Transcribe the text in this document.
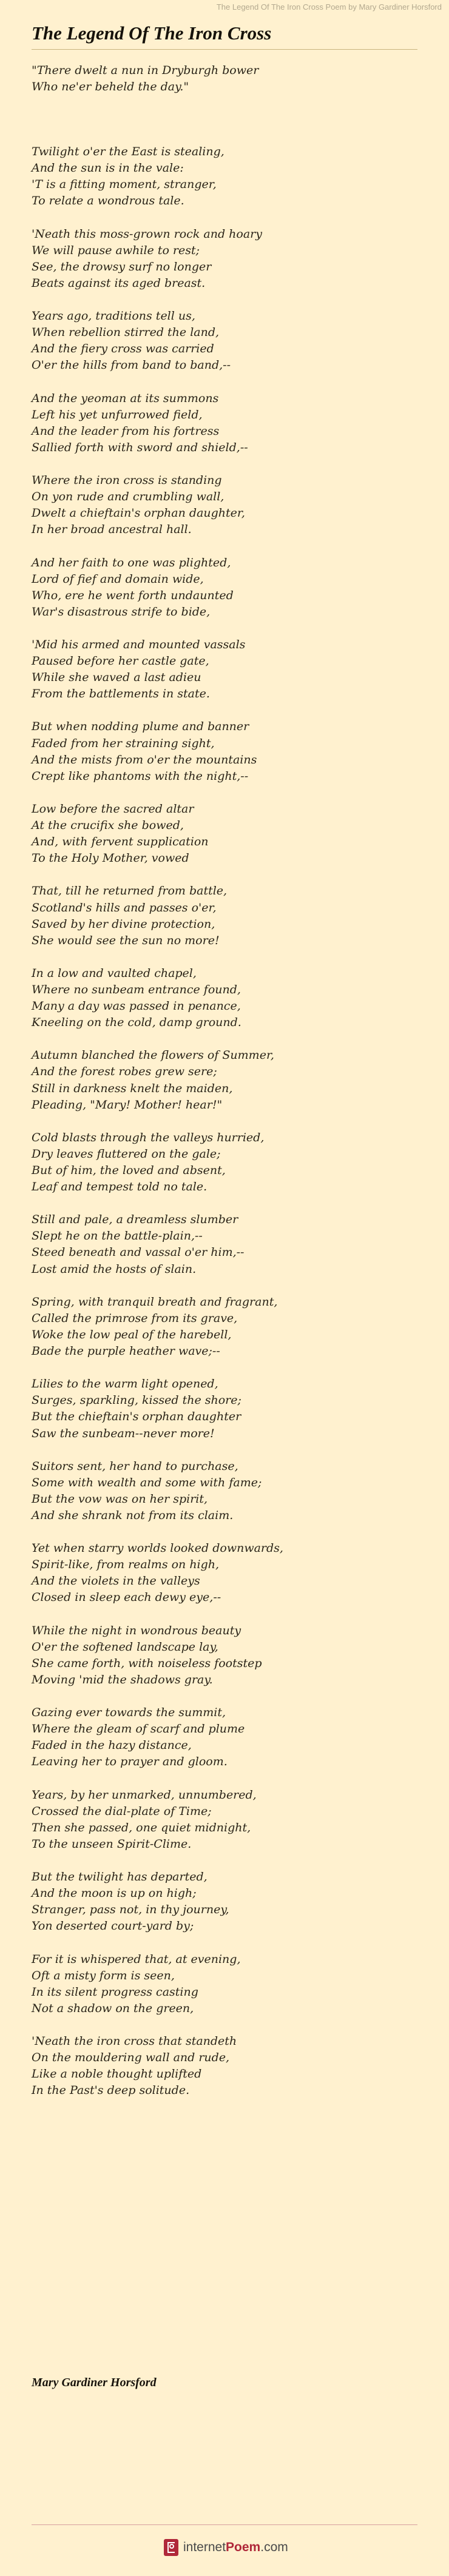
The Legend Of The Iron Cross Poem by Mary Gardiner Horsford
The Legend Of The Iron Cross

"There dwelt a nun in Dryburgh bower
Who ne'er beheld the day."

Twilight o'er the East is stealing,
And the sun is in the vale:
'T is a fitting moment, stranger,
To relate a wondrous tale.

'Neath this moss-grown rock and hoary
We will pause awhile to rest;
See, the drowsy surf no longer
Beats against its aged breast.

Years ago, traditions tell us,
When rebellion stirred the land,
And the fiery cross was carried
O'er the hills from band to band,--

And the yeoman at its summons
Left his yet unfurrowed field,
And the leader from his fortress
Sallied forth with sword and shield,--

Where the iron cross is standing
On yon rude and crumbling wall,
Dwelt a chieftain's orphan daughter,
In her broad ancestral hall.

And her faith to one was plighted,
Lord of fief and domain wide,
Who, ere he went forth undaunted
War's disastrous strife to bide,

'Mid his armed and mounted vassals
Paused before her castle gate,
While she waved a last adieu
From the battlements in state.

But when nodding plume and banner
Faded from her straining sight,
And the mists from o'er the mountains
Crept like phantoms with the night,--

Low before the sacred altar
At the crucifix she bowed,
And, with fervent supplication
To the Holy Mother, vowed

That, till he returned from battle,
Scotland's hills and passes o'er,
Saved by her divine protection,
She would see the sun no more!

In a low and vaulted chapel,
Where no sunbeam entrance found,
Many a day was passed in penance,
Kneeling on the cold, damp ground.

Autumn blanched the flowers of Summer,
And the forest robes grew sere;
Still in darkness knelt the maiden,
Pleading, "Mary! Mother! hear!"

Cold blasts through the valleys hurried,
Dry leaves fluttered on the gale;
But of him, the loved and absent,
Leaf and tempest told no tale.

Still and pale, a dreamless slumber
Slept he on the battle-plain,--
Steed beneath and vassal o'er him,--
Lost amid the hosts of slain.

Spring, with tranquil breath and fragrant,
Called the primrose from its grave,
Woke the low peal of the harebell,
Bade the purple heather wave;--

Lilies to the warm light opened,
Surges, sparkling, kissed the shore;
But the chieftain's orphan daughter
Saw the sunbeam--never more!

Suitors sent, her hand to purchase,
Some with wealth and some with fame;
But the vow was on her spirit,
And she shrank not from its claim.

Yet when starry worlds looked downwards,
Spirit-like, from realms on high,
And the violets in the valleys
Closed in sleep each dewy eye,--

While the night in wondrous beauty
O'er the softened landscape lay,
She came forth, with noiseless footstep
Moving 'mid the shadows gray.

Gazing ever towards the summit,
Where the gleam of scarf and plume
Faded in the hazy distance,
Leaving her to prayer and gloom.

Years, by her unmarked, unnumbered,
Crossed the dial-plate of Time;
Then she passed, one quiet midnight,
To the unseen Spirit-Clime.

But the twilight has departed,
And the moon is up on high;
Stranger, pass not, in thy journey,
Yon deserted court-yard by;

For it is whispered that, at evening,
Oft a misty form is seen,
In its silent progress casting
Not a shadow on the green,

'Neath the iron cross that standeth
On the mouldering wall and rude,
Like a noble thought uplifted
In the Past's deep solitude.

Mary Gardiner Horsford

internet Poem .com
